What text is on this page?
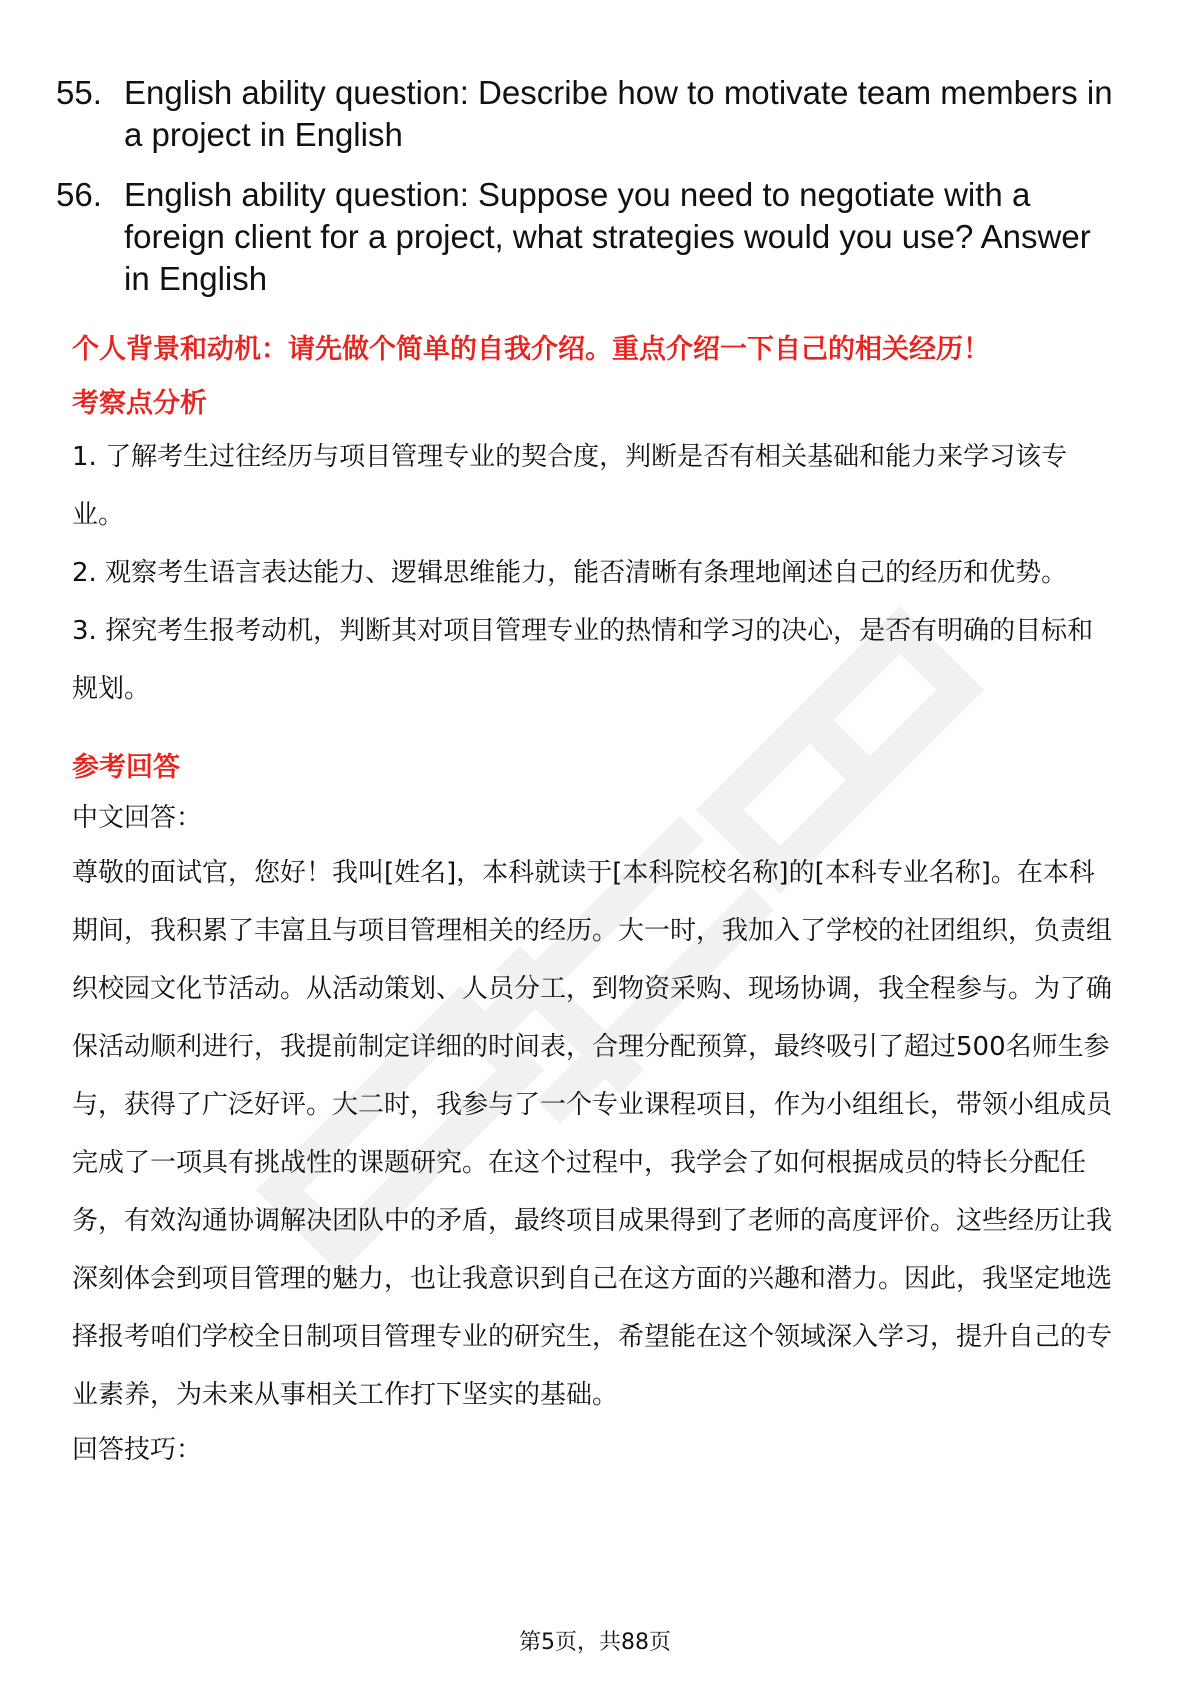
55. English ability question: Describe how to motivate team members in a project in English
56. English ability question: Suppose you need to negotiate with a foreign client for a project, what strategies would you use? Answer in English
个人背景和动机：请先做个简单的自我介绍。重点介绍一下自己的相关经历！
考察点分析

1. 了解考生过往经历与项目管理专业的契合度，判断是否有相关基础和能力来学习该专业。

2. 观察考生语言表达能力、逻辑思维能力，能否清晰有条理地阐述自己的经历和优势。

3. 探究考生报考动机，判断其对项目管理专业的热情和学习的决心，是否有明确的目标和规划。

参考回答

中文回答：

尊敬的面试官，您好！我叫[姓名]，本科就读于[本科院校名称]的[本科专业名称]。在本科期间，我积累了丰富且与项目管理相关的经历。大一时，我加入了学校的社团组织，负责组织校园文化节活动。从活动策划、人员分工，到物资采购、现场协调，我全程参与。为了确保活动顺利进行，我提前制定详细的时间表，合理分配预算，最终吸引了超过500名师生参与，获得了广泛好评。大二时，我参与了一个专业课程项目，作为小组组长，带领小组成员完成了一项具有挑战性的课题研究。在这个过程中，我学会了如何根据成员的特长分配任务，有效沟通协调解决团队中的矛盾，最终项目成果得到了老师的高度评价。这些经历让我深刻体会到项目管理的魅力，也让我意识到自己在这方面的兴趣和潜力。因此，我坚定地选择报考咱们学校全日制项目管理专业的研究生，希望能在这个领域深入学习，提升自己的专业素养，为未来从事相关工作打下坚实的基础。

回答技巧：

第5页，共88页
